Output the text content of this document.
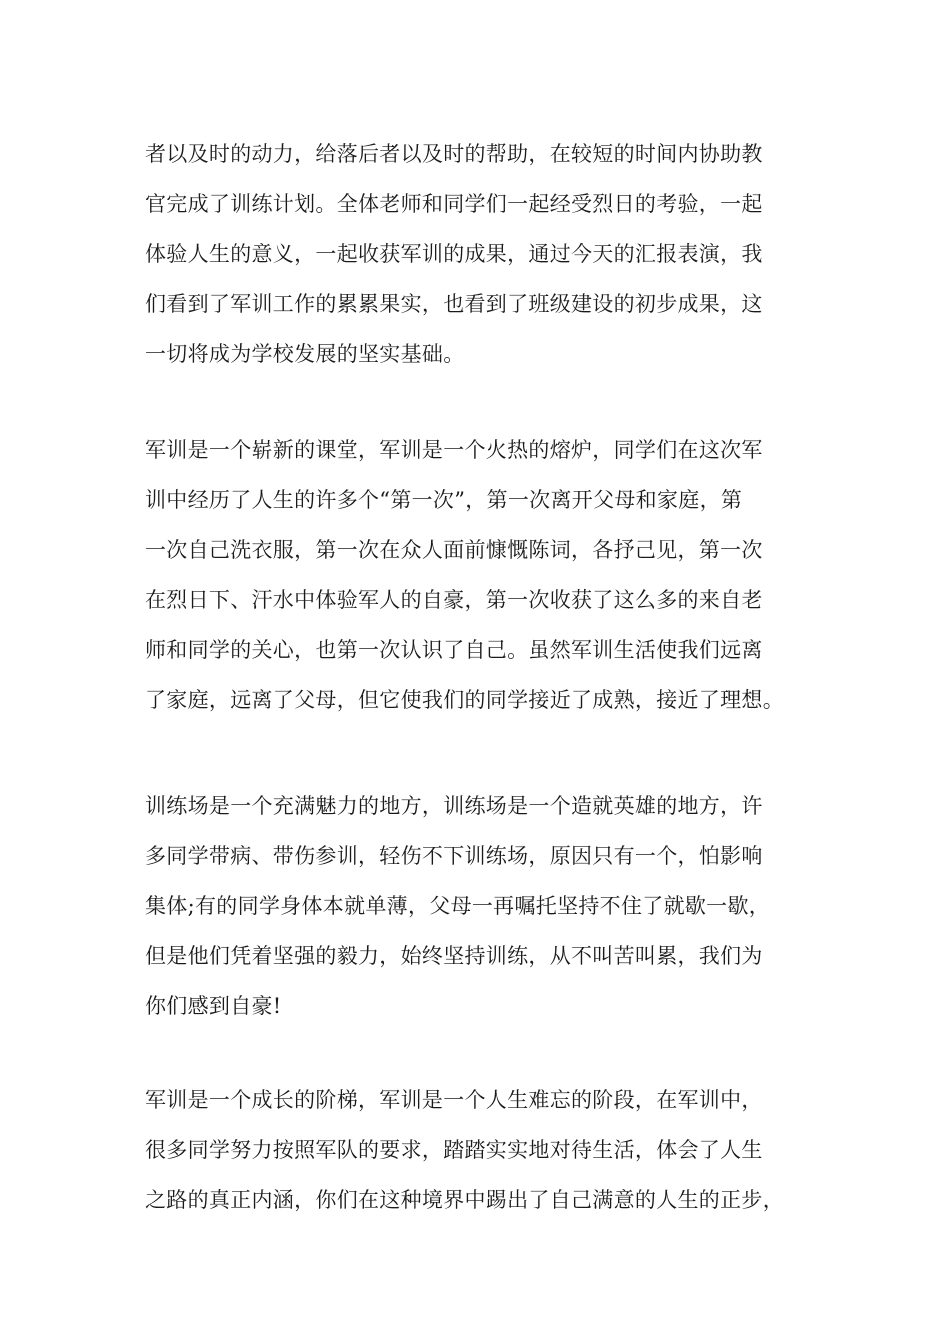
者以及时的动力，给落后者以及时的帮助，在较短的时间内协助教
官完成了训练计划。全体老师和同学们一起经受烈日的考验，一起
体验人生的意义，一起收获军训的成果，通过今天的汇报表演，我
们看到了军训工作的累累果实，也看到了班级建设的初步成果，这
一切将成为学校发展的坚实基础。
军训是一个崭新的课堂，军训是一个火热的熔炉，同学们在这次军
训中经历了人生的许多个“第一次”，第一次离开父母和家庭，第
一次自己洗衣服，第一次在众人面前慷慨陈词，各抒己见，第一次
在烈日下、汗水中体验军人的自豪，第一次收获了这么多的来自老
师和同学的关心，也第一次认识了自己。虽然军训生活使我们远离
了家庭，远离了父母，但它使我们的同学接近了成熟，接近了理想。
训练场是一个充满魅力的地方，训练场是一个造就英雄的地方，许
多同学带病、带伤参训，轻伤不下训练场，原因只有一个，怕影响
集体;有的同学身体本就单薄，父母一再嘱托坚持不住了就歇一歇，
但是他们凭着坚强的毅力，始终坚持训练，从不叫苦叫累，我们为
你们感到自豪!
军训是一个成长的阶梯，军训是一个人生难忘的阶段，在军训中，
很多同学努力按照军队的要求，踏踏实实地对待生活，体会了人生
之路的真正内涵，你们在这种境界中踢出了自己满意的人生的正步，
